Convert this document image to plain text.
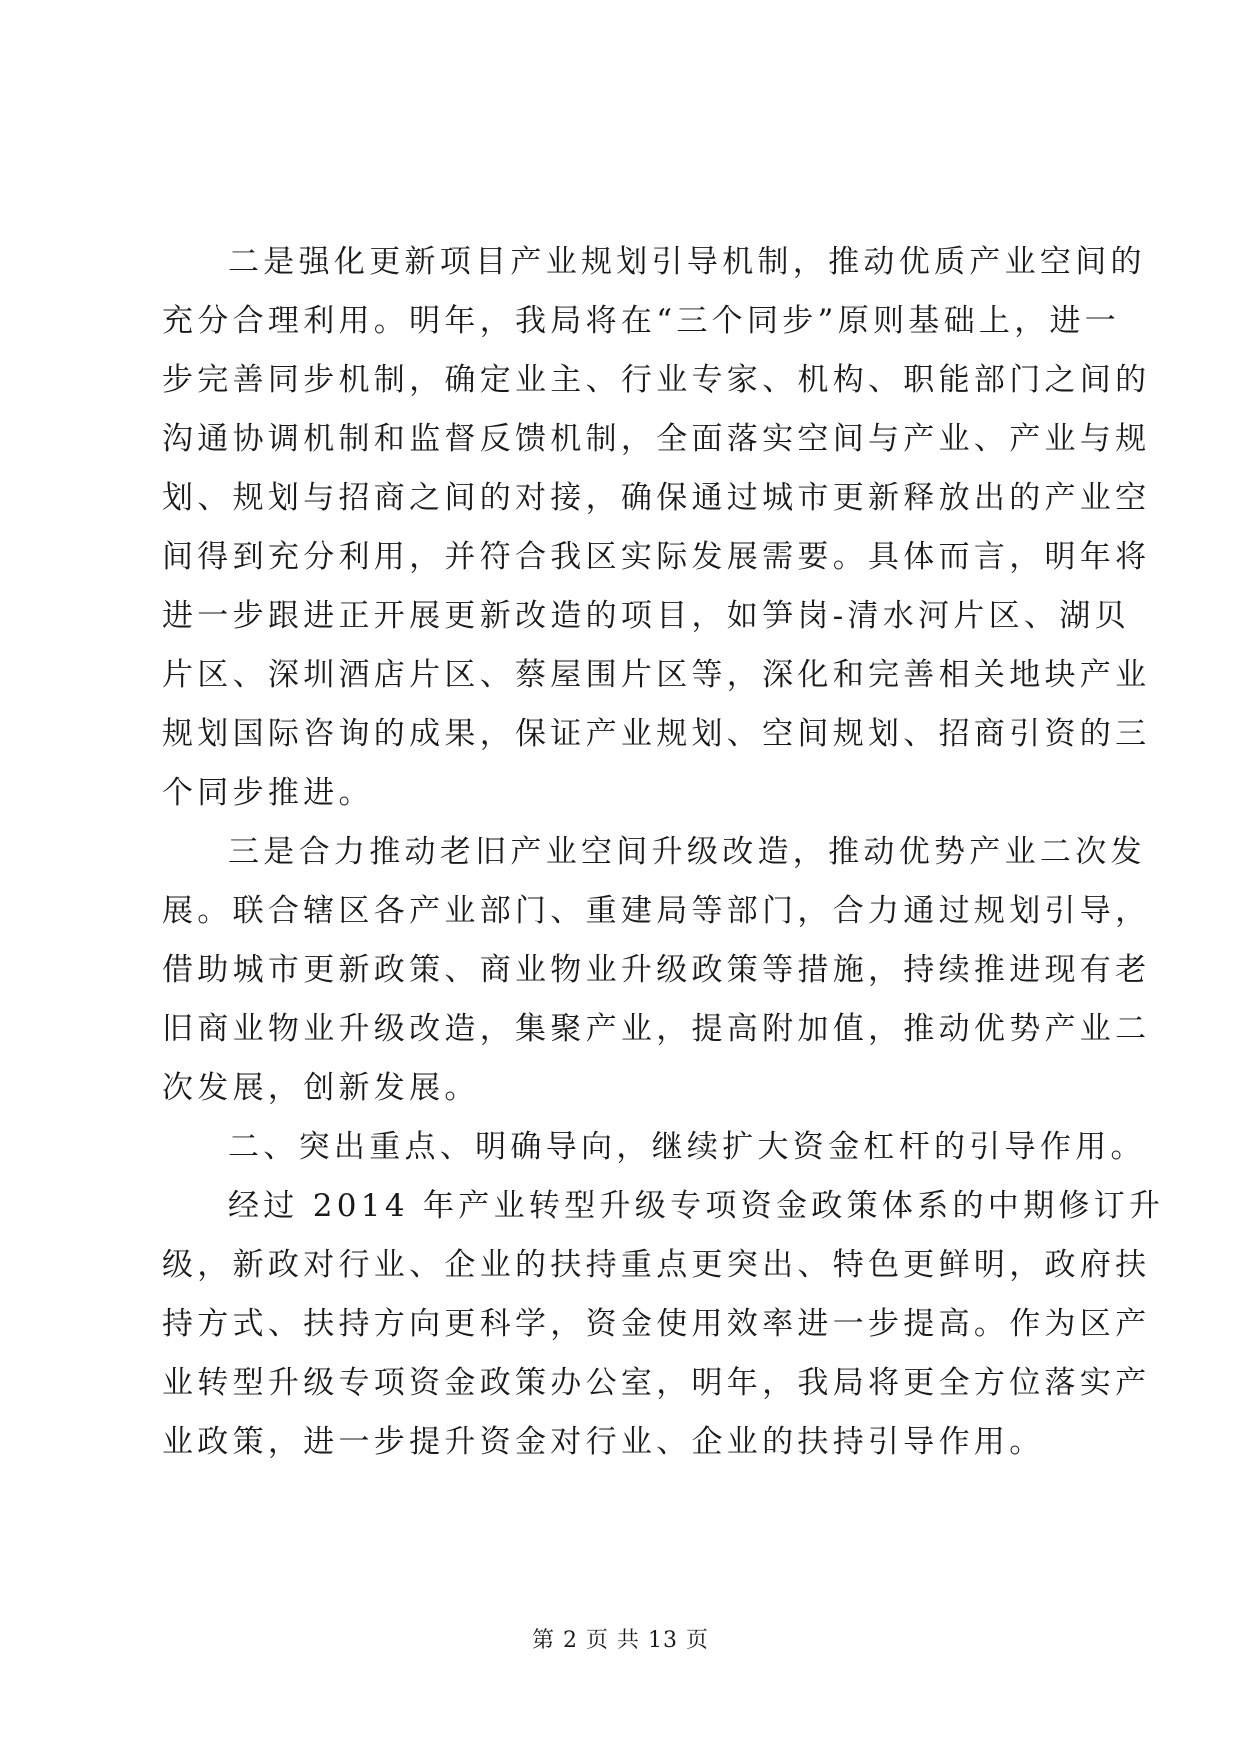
二是强化更新项目产业规划引导机制，推动优质产业空间的
充分合理利用。明年，我局将在“三个同步”原则基础上，进一
步完善同步机制，确定业主、行业专家、机构、职能部门之间的
沟通协调机制和监督反馈机制，全面落实空间与产业、产业与规
划、规划与招商之间的对接，确保通过城市更新释放出的产业空
间得到充分利用，并符合我区实际发展需要。具体而言，明年将
进一步跟进正开展更新改造的项目，如笋岗-清水河片区、湖贝
片区、深圳酒店片区、蔡屋围片区等，深化和完善相关地块产业
规划国际咨询的成果，保证产业规划、空间规划、招商引资的三
个同步推进。
三是合力推动老旧产业空间升级改造，推动优势产业二次发
展。联合辖区各产业部门、重建局等部门，合力通过规划引导，
借助城市更新政策、商业物业升级政策等措施，持续推进现有老
旧商业物业升级改造，集聚产业，提高附加值，推动优势产业二
次发展，创新发展。
二、突出重点、明确导向，继续扩大资金杠杆的引导作用。
经过 2014 年产业转型升级专项资金政策体系的中期修订升
级，新政对行业、企业的扶持重点更突出、特色更鲜明，政府扶
持方式、扶持方向更科学，资金使用效率进一步提高。作为区产
业转型升级专项资金政策办公室，明年，我局将更全方位落实产
业政策，进一步提升资金对行业、企业的扶持引导作用。
第 2 页 共 13 页
